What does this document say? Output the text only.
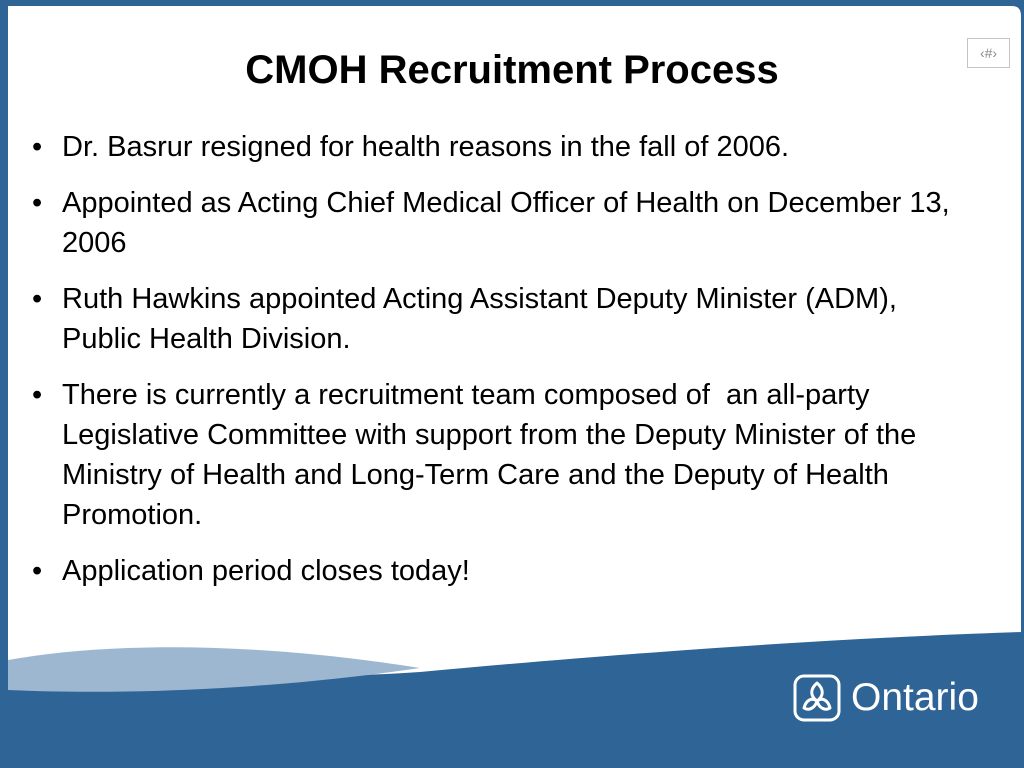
CMOH Recruitment Process	‹#›
• Dr. Basrur resigned for health reasons in the fall of 2006.
• Appointed as Acting Chief Medical Officer of Health on December 13, 2006
• Ruth Hawkins appointed Acting Assistant Deputy Minister (ADM), Public Health Division.
• There is currently a recruitment team composed of  an all-party Legislative Committee with support from the Deputy Minister of the Ministry of Health and Long-Term Care and the Deputy of Health Promotion.
• Application period closes today!
Ontario
